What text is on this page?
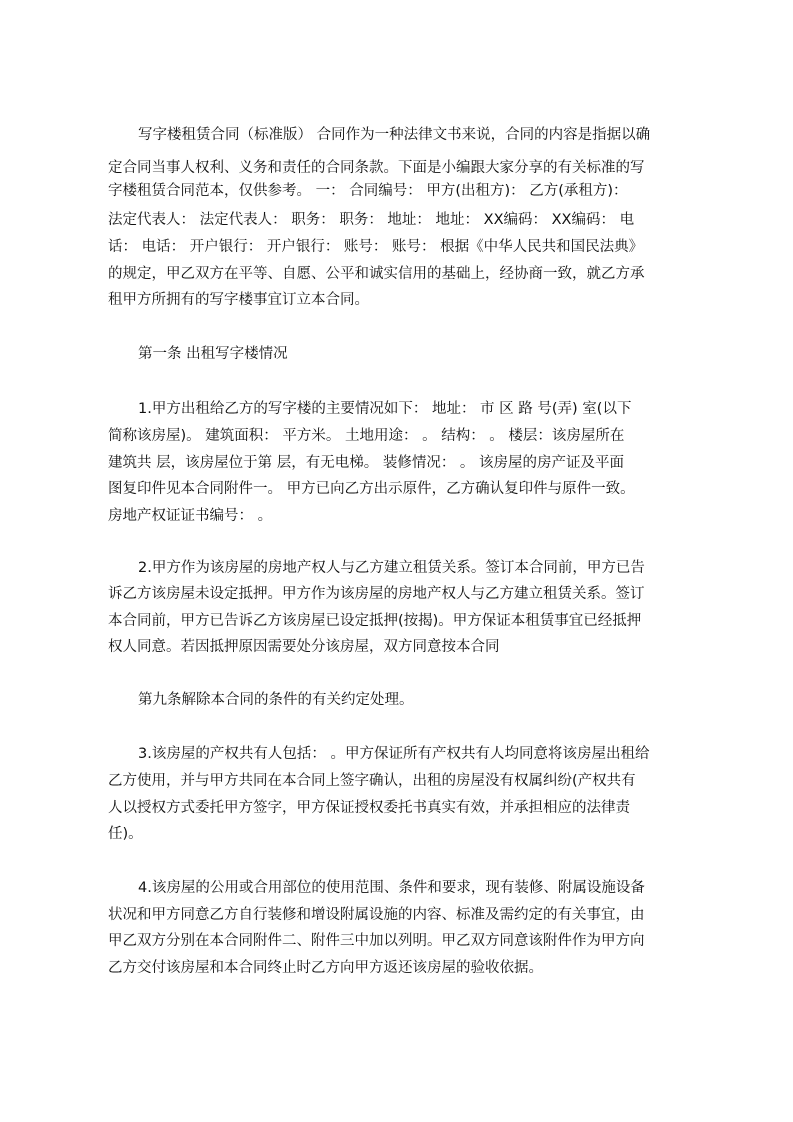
写字楼租赁合同（标准版） 合同作为一种法律文书来说，合同的内容是指据以确
定合同当事人权利、义务和责任的合同条款。下面是小编跟大家分享的有关标准的写
字楼租赁合同范本，仅供参考。 一： 合同编号： 甲方(出租方)： 乙方(承租方)：
法定代表人： 法定代表人： 职务： 职务： 地址： 地址： XX编码： XX编码： 电
话： 电话： 开户银行： 开户银行： 账号： 账号： 根据《中华人民共和国民法典》
的规定，甲乙双方在平等、自愿、公平和诚实信用的基础上，经协商一致，就乙方承
租甲方所拥有的写字楼事宜订立本合同。
第一条 出租写字楼情况
1.甲方出租给乙方的写字楼的主要情况如下： 地址： 市 区 路 号(弄) 室(以下
简称该房屋)。 建筑面积： 平方米。 土地用途： 。 结构： 。 楼层：该房屋所在
建筑共 层，该房屋位于第 层，有无电梯。 装修情况： 。 该房屋的房产证及平面
图复印件见本合同附件一。 甲方已向乙方出示原件，乙方确认复印件与原件一致。
房地产权证证书编号： 。
2.甲方作为该房屋的房地产权人与乙方建立租赁关系。签订本合同前，甲方已告
诉乙方该房屋未设定抵押。甲方作为该房屋的房地产权人与乙方建立租赁关系。签订
本合同前，甲方已告诉乙方该房屋已设定抵押(按揭)。甲方保证本租赁事宜已经抵押
权人同意。若因抵押原因需要处分该房屋，双方同意按本合同
第九条解除本合同的条件的有关约定处理。
3.该房屋的产权共有人包括： 。甲方保证所有产权共有人均同意将该房屋出租给
乙方使用，并与甲方共同在本合同上签字确认，出租的房屋没有权属纠纷(产权共有
人以授权方式委托甲方签字，甲方保证授权委托书真实有效，并承担相应的法律责
任)。
4.该房屋的公用或合用部位的使用范围、条件和要求，现有装修、附属设施设备
状况和甲方同意乙方自行装修和增设附属设施的内容、标准及需约定的有关事宜，由
甲乙双方分别在本合同附件二、附件三中加以列明。甲乙双方同意该附件作为甲方向
乙方交付该房屋和本合同终止时乙方向甲方返还该房屋的验收依据。
